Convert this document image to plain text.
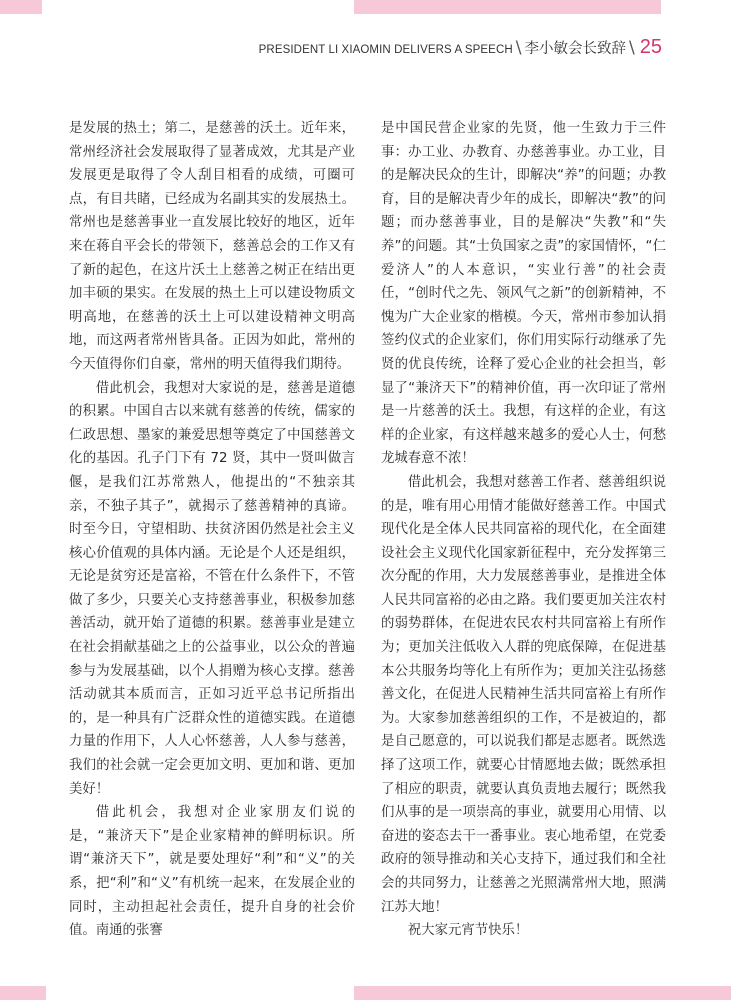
PRESIDENT LI XIAOMIN DELIVERS A SPEECH \ 李小敏会长致辞 \ 25

是发展的热土；第二，是慈善的沃土。近年来，常州经济社会发展取得了显著成效，尤其是产业发展更是取得了令人刮目相看的成绩，可圈可点，有目共睹，已经成为名副其实的发展热土。常州也是慈善事业一直发展比较好的地区，近年来在蒋自平会长的带领下，慈善总会的工作又有了新的起色，在这片沃土上慈善之树正在结出更加丰硕的果实。在发展的热土上可以建设物质文明高地，在慈善的沃土上可以建设精神文明高地，而这两者常州皆具备。正因为如此，常州的今天值得你们自豪，常州的明天值得我们期待。

借此机会，我想对大家说的是，慈善是道德的积累。中国自古以来就有慈善的传统，儒家的仁政思想、墨家的兼爱思想等奠定了中国慈善文化的基因。孔子门下有 72 贤，其中一贤叫做言偃，是我们江苏常熟人，他提出的“不独亲其亲，不独子其子”，就揭示了慈善精神的真谛。时至今日，守望相助、扶贫济困仍然是社会主义核心价值观的具体内涵。无论是个人还是组织，无论是贫穷还是富裕，不管在什么条件下，不管做了多少，只要关心支持慈善事业，积极参加慈善活动，就开始了道德的积累。慈善事业是建立在社会捐献基础之上的公益事业，以公众的普遍参与为发展基础，以个人捐赠为核心支撑。慈善活动就其本质而言，正如习近平总书记所指出的，是一种具有广泛群众性的道德实践。在道德力量的作用下，人人心怀慈善，人人参与慈善，我们的社会就一定会更加文明、更加和谐、更加美好！

借此机会，我想对企业家朋友们说的是，“兼济天下”是企业家精神的鲜明标识。所谓“兼济天下”，就是要处理好“利”和“义”的关系，把“利”和“义”有机统一起来，在发展企业的同时，主动担起社会责任，提升自身的社会价值。南通的张謇

是中国民营企业家的先贤，他一生致力于三件事：办工业、办教育、办慈善事业。办工业，目的是解决民众的生计，即解决“养”的问题；办教育，目的是解决青少年的成长，即解决“教”的问题；而办慈善事业，目的是解决“失教”和“失养”的问题。其“士负国家之责”的家国情怀，“仁爱济人”的人本意识，“实业行善”的社会责任，“创时代之先、领风气之新”的创新精神，不愧为广大企业家的楷模。今天，常州市参加认捐签约仪式的企业家们，你们用实际行动继承了先贤的优良传统，诠释了爱心企业的社会担当，彰显了“兼济天下”的精神价值，再一次印证了常州是一片慈善的沃土。我想，有这样的企业，有这样的企业家，有这样越来越多的爱心人士，何愁龙城春意不浓！

借此机会，我想对慈善工作者、慈善组织说的是，唯有用心用情才能做好慈善工作。中国式现代化是全体人民共同富裕的现代化，在全面建设社会主义现代化国家新征程中，充分发挥第三次分配的作用，大力发展慈善事业，是推进全体人民共同富裕的必由之路。我们要更加关注农村的弱势群体，在促进农民农村共同富裕上有所作为；更加关注低收入人群的兜底保障，在促进基本公共服务均等化上有所作为；更加关注弘扬慈善文化，在促进人民精神生活共同富裕上有所作为。大家参加慈善组织的工作，不是被迫的，都是自己愿意的，可以说我们都是志愿者。既然选择了这项工作，就要心甘情愿地去做；既然承担了相应的职责，就要认真负责地去履行；既然我们从事的是一项崇高的事业，就要用心用情、以奋进的姿态去干一番事业。衷心地希望，在党委政府的领导推动和关心支持下，通过我们和全社会的共同努力，让慈善之光照满常州大地，照满江苏大地！

祝大家元宵节快乐！
